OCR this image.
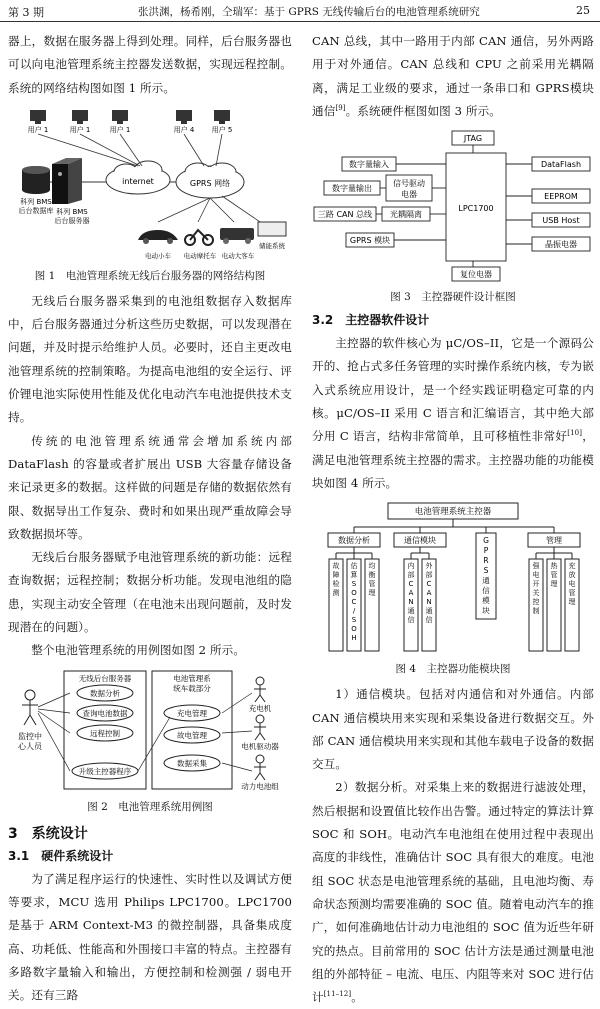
第 3 期	张洪渊，杨希刚，仝瑞军：基于 GPRS 无线传输后台的电池管理系统研究	25

器上，数据在服务器上得到处理。同样，后台服务器也可以向电池管理系统主控器发送数据，实现远程控制。系统的网络结构图如图 1 所示。

用户 1	用户 1	用户 1	用户 4 用户 5
科列 BMS
后台数据库 科列 BMS
后台服务器
internet	GPRS 网络
储能系统
电动小车 电动摩托车 电动大客车
图 1　电池管理系统无线后台服务器的网络结构图

无线后台服务器采集到的电池组数据存入数据库中，后台服务器通过分析这些历史数据，可以发现潜在问题，并及时提示给维护人员。必要时，还自主更改电池管理系统的控制策略。为提高电池组的安全运行、评价锂电池实际使用性能及优化电动汽车电池提供技术支持。

传统的电池管理系统通常会增加系统内部 DataFlash 的容量或者扩展出 USB 大容量存储设备来记录更多的数据。这样做的问题是存储的数据依然有限、数据导出工作复杂、费时和如果出现严重故障会导致数据损坏等。

无线后台服务器赋予电池管理系统的新功能：远程查询数据；远程控制；数据分析功能。发现电池组的隐患，实现主动安全管理（在电池未出现问题前，及时发现潜在的问题）。

整个电池管理系统的用例图如图 2 所示。

监控中
心人员
无线后台服务器
数据分析
查询电池数据
远程控制
升级主控器程序
电池管理系
统车载部分
充电管理
故电管理
数据采集
充电机
电机驱动器
动力电池组
图 2　电池管理系统用例图
3　系统设计
3.1　硬件系统设计

为了满足程序运行的快速性、实时性以及调试方便等要求，MCU 选用 Philips LPC1700。LPC1700 是基于 ARM Context-M3 的微控制器，具备集成度高、功耗低、性能高和外围接口丰富的特点。主控器有多路数字量输入和输出，方便控制和检测强 / 弱电开关。还有三路

CAN 总线，其中一路用于内部 CAN 通信，另外两路用于对外通信。CAN 总线和 CPU 之前采用光耦隔离，满足工业级的要求，通过一条串口和 GPRS模块通信[9]。系统硬件框图如图 3 所示。

JTAG
复位电器
LPC1700
数字量输入
数字量输出
信号驱动
电器
三路 CAN 总线 光耦隔离
GPRS 模块
DataFlash
EEPROM
USB Host
晶振电器
图 3　主控器硬件设计框图
3.2　主控器软件设计

主控器的软件核心为 μC/OS–II，它是一个源码公开的、抢占式多任务管理的实时操作系统内核，专为嵌入式系统应用设计，是一个经实践证明稳定可靠的内核。μC/OS–II 采用 C 语言和汇编语言，其中绝大部分用 C 语言，结构非常简单，且可移植性非常好[10]，满足电池管理系统主控器的需求。主控器功能的功能模块如图 4 所示。

电池管理系统主控器
数据分析
故
障
检
测
估
算
S
O
C
/
S
O
H
均
衡
管
理
通信模块
内
部
C
A
N
通
信
外
部
C
A
N
通
信
G
P
R
S
通
信
模
块
管理
强
电
开
关
控
制
热
管
理
充
放
电
管
理
图 4　主控器功能模块图

1）通信模块。包括对内通信和对外通信。内部 CAN 通信模块用来实现和采集设备进行数据交互。外部 CAN 通信模块用来实现和其他车载电子设备的数据交互。

2）数据分析。对采集上来的数据进行滤波处理，然后根据和设置值比较作出告警。通过特定的算法计算 SOC 和 SOH。电动汽车电池组在使用过程中表现出高度的非线性，准确估计 SOC 具有很大的难度。电池组 SOC 状态是电池管理系统的基础，且电池均衡、寿命状态预测均需要准确的 SOC 值。随着电动汽车的推广，如何准确地估计动力电池组的 SOC 值为近些年研究的热点。目前常用的 SOC 估计方法是通过测量电池组的外部特征 – 电流、电压、内阻等来对 SOC 进行估计[11–12]。
